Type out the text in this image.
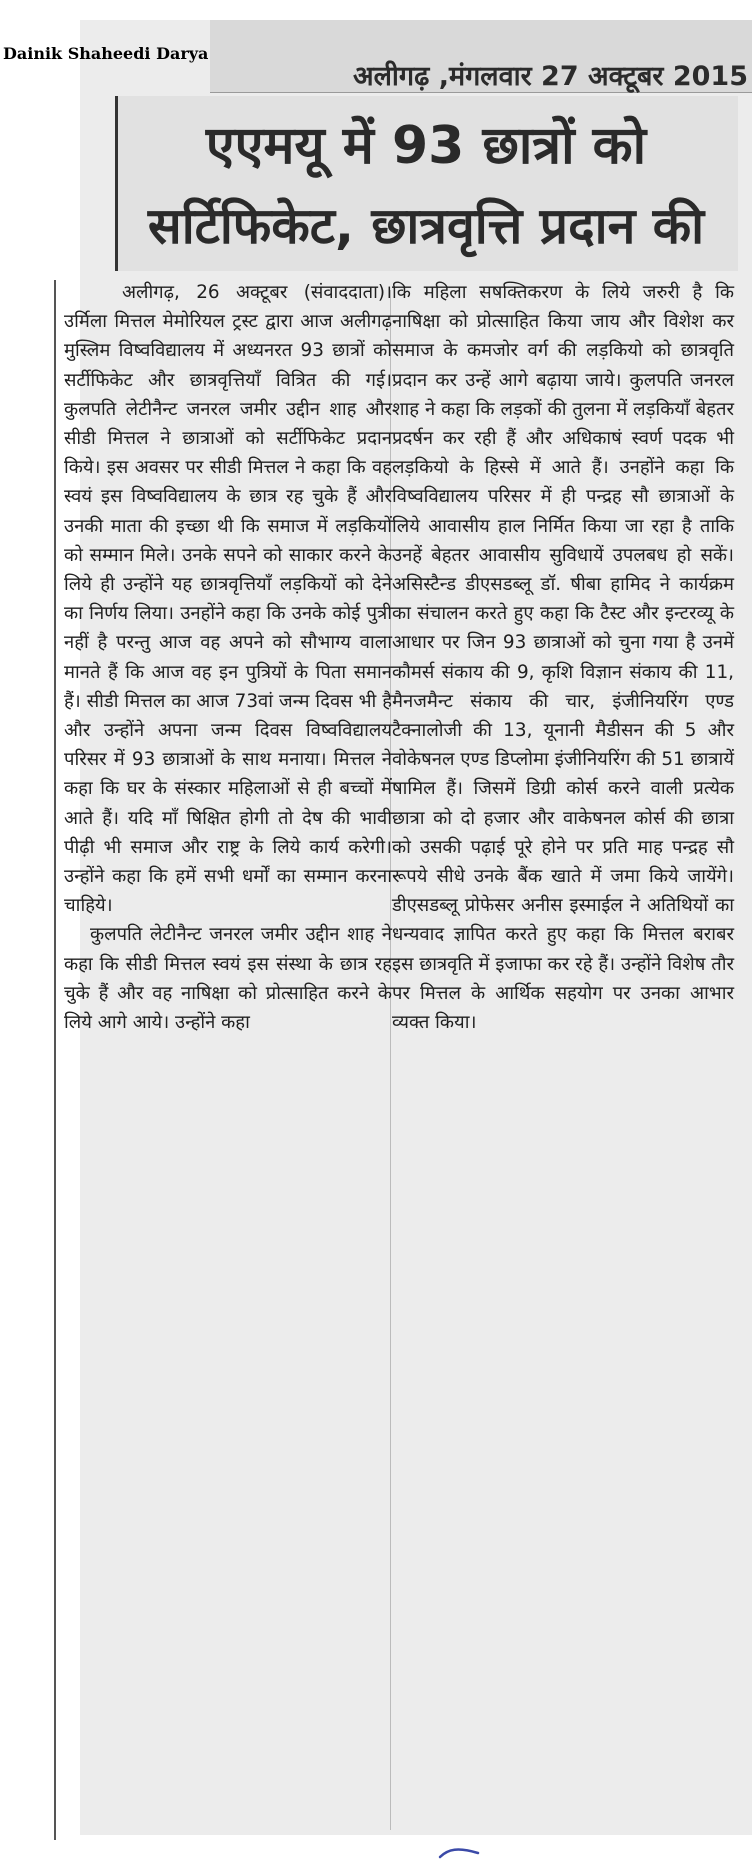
Dainik Shaheedi Darya
अलीगढ़ ,मंगलवार 27 अक्टूबर 2015
एएमयू में 93 छात्रों को
सर्टिफिकेट, छात्रवृत्ति प्रदान की

अलीगढ़, 26 अक्टूबर (संवाददाता)। उर्मिला मित्तल मेमोरियल ट्रस्ट द्वारा आज अलीगढ़ मुस्लिम विष्वविद्यालय में अध्यनरत 93 छात्रों को सर्टीफिकेट और छात्रवृत्तियाँ वित्रित की गई। कुलपति लेटीनैन्ट जनरल जमीर उद्दीन शाह और सीडी मित्तल ने छात्राओं को सर्टीफिकेट प्रदान किये। इस अवसर पर सीडी मित्तल ने कहा कि वह स्वयं इस विष्वविद्यालय के छात्र रह चुके हैं और उनकी माता की इच्छा थी कि समाज में लड़कियों को सम्मान मिले। उनके सपने को साकार करने के लिये ही उन्होंने यह छात्रवृत्तियाँ लड़कियों को देने का निर्णय लिया। उनहोंने कहा कि उनके कोई पुत्री नहीं है परन्तु आज वह अपने को सौभाग्य वाला मानते हैं कि आज वह इन पुत्रियों के पिता समान हैं। सीडी मित्तल का आज 73वां जन्म दिवस भी है और उन्होंने अपना जन्म दिवस विष्वविद्यालय परिसर में 93 छात्राओं के साथ मनाया। मित्तल ने कहा कि घर के संस्कार महिलाओं से ही बच्चों में आते हैं। यदि माँ षिक्षित होगी तो देष की भावी पीढ़ी भी समाज और राष्ट्र के लिये कार्य करेगी। उन्होंने कहा कि हमें सभी धर्मों का सम्मान करना चाहिये।

कुलपति लेटीनैन्ट जनरल जमीर उद्दीन शाह ने कहा कि सीडी मित्तल स्वयं इस संस्था के छात्र रह चुके हैं और वह नाषिक्षा को प्रोत्साहित करने के लिये आगे आये। उन्होंने कहा

कि महिला सषक्तिकरण के लिये जरुरी है कि नाषिक्षा को प्रोत्साहित किया जाय और विशेश कर समाज के कमजोर वर्ग की लड़कियो को छात्रवृति प्रदान कर उन्हें आगे बढ़ाया जाये। कुलपति जनरल शाह ने कहा कि लड़कों की तुलना में लड़कियाँ बेहतर प्रदर्षन कर रही हैं और अधिकाषं स्वर्ण पदक भी लड़कियो के हिस्से में आते हैं। उनहोंने कहा कि विष्वविद्यालय परिसर में ही पन्द्रह सौ छात्राओं के लिये आवासीय हाल निर्मित किया जा रहा है ताकि उनहें बेहतर आवासीय सुविधायें उपलबध हो सकें। असिस्टैन्ड डीएसडब्लू डॉ. षीबा हामिद ने कार्यक्रम का संचालन करते हुए कहा कि टैस्ट और इन्टरव्यू के आधार पर जिन 93 छात्राओं को चुना गया है उनमें कौमर्स संकाय की 9, कृशि विज्ञान संकाय की 11, मैनजमैन्ट संकाय की चार, इंजीनियरिंग एण्ड टैक्नालोजी की 13, यूनानी मैडीसन की 5 और वोकेषनल एण्ड डिप्लोमा इंजीनियरिंग की 51 छात्रायें षामिल हैं। जिसमें डिग्री कोर्स करने वाली प्रत्येक छात्रा को दो हजार और वाकेषनल कोर्स की छात्रा को उसकी पढ़ाई पूरे होने पर प्रति माह पन्द्रह सौ रूपये सीधे उनके बैंक खाते में जमा किये जायेंगे। डीएसडब्लू प्रोफेसर अनीस इस्माईल ने अतिथियों का धन्यवाद ज्ञापित करते हुए कहा कि मित्तल बराबर इस छात्रवृति में इजाफा कर रहे हैं। उन्होंने विशेष तौर पर मित्तल के आर्थिक सहयोग पर उनका आभार व्यक्त किया।
